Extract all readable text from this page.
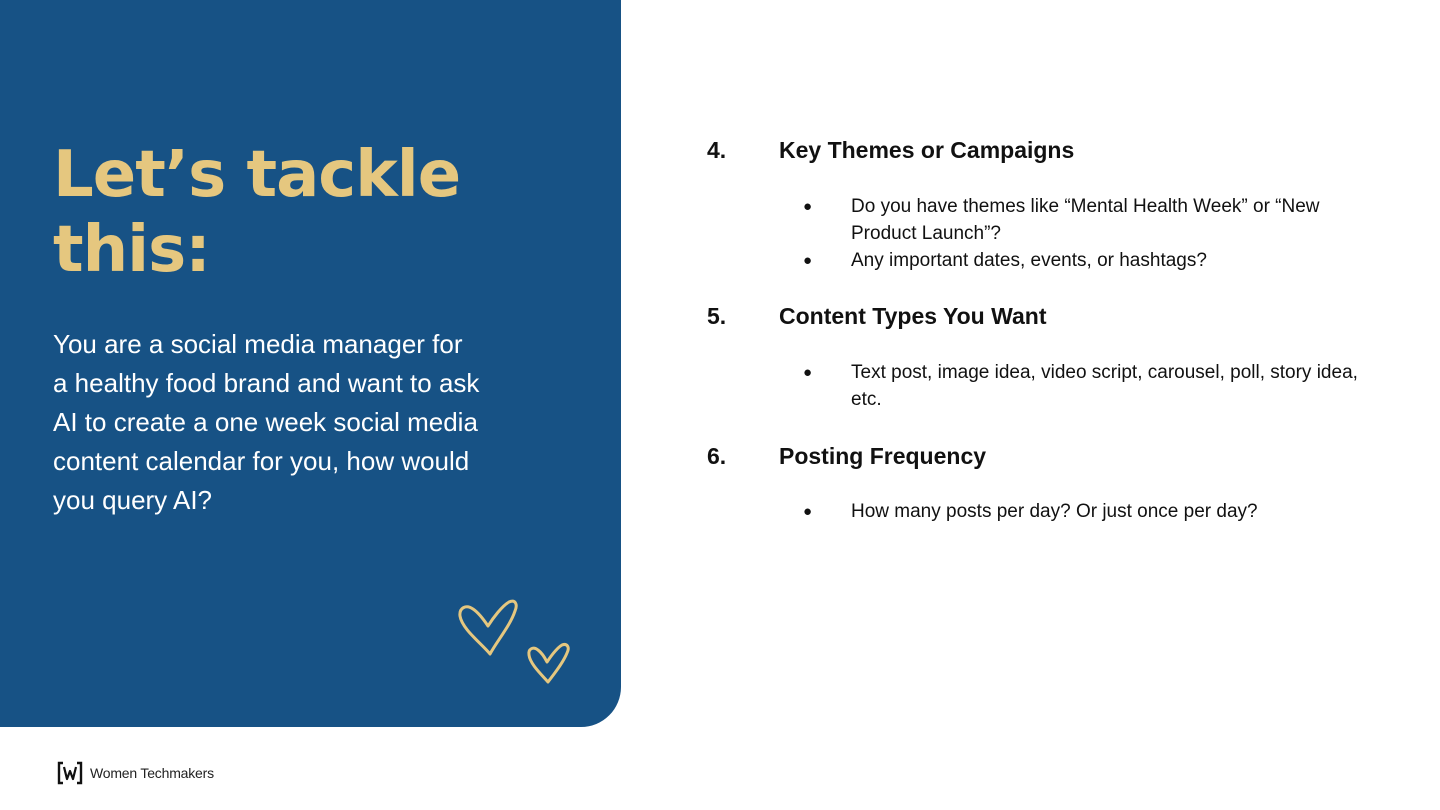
Let’s tackle this:

You are a social media manager for a healthy food brand and want to ask AI to create a one week social media content calendar for you, how would you query AI?

4. Key Themes or Campaigns
● Do you have themes like “Mental Health Week” or “New Product Launch”?
● Any important dates, events, or hashtags?
5. Content Types You Want
● Text post, image idea, video script, carousel, poll, story idea, etc.
6. Posting Frequency
● How many posts per day? Or just once per day?
Women Techmakers
